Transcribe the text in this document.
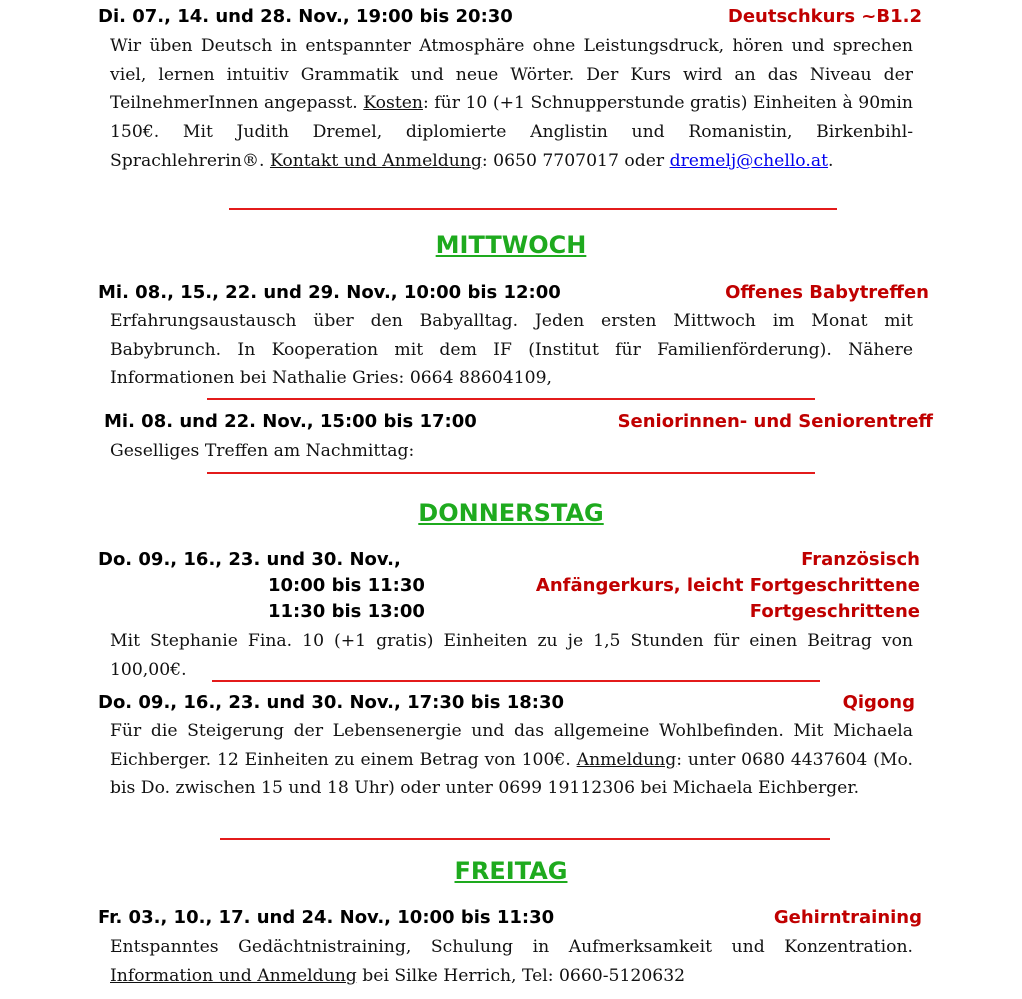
Di. 07., 14. und 28. Nov., 19:00 bis 20:30	Deutschkurs ~B1.2
Wir üben Deutsch in entspannter Atmosphäre ohne Leistungsdruck, hören und sprechen viel, lernen intuitiv Grammatik und neue Wörter. Der Kurs wird an das Niveau der TeilnehmerInnen angepasst. Kosten: für 10 (+1 Schnupperstunde gratis) Einheiten à 90min 150€. Mit Judith Dremel, diplomierte Anglistin und Romanistin, Birkenbihl-Sprachlehrerin®. Kontakt und Anmeldung: 0650 7707017 oder dremelj@chello.at.
MITTWOCH
Mi. 08., 15., 22. und 29. Nov., 10:00 bis 12:00	Offenes Babytreffen
Erfahrungsaustausch über den Babyalltag. Jeden ersten Mittwoch im Monat mit Babybrunch. In Kooperation mit dem IF (Institut für Familienförderung). Nähere Informationen bei Nathalie Gries: 0664 88604109,
Mi. 08. und 22. Nov., 15:00 bis 17:00	Seniorinnen- und Seniorentreff
Geselliges Treffen am Nachmittag:
DONNERSTAG
Do. 09., 16., 23. und 30. Nov.,	Französisch
10:00 bis 11:30	Anfängerkurs, leicht Fortgeschrittene
11:30 bis 13:00	Fortgeschrittene
Mit Stephanie Fina. 10 (+1 gratis) Einheiten zu je 1,5 Stunden für einen Beitrag von 100,00€.
Do. 09., 16., 23. und 30. Nov., 17:30 bis 18:30	Qigong
Für die Steigerung der Lebensenergie und das allgemeine Wohlbefinden. Mit Michaela Eichberger. 12 Einheiten zu einem Betrag von 100€. Anmeldung: unter 0680 4437604 (Mo. bis Do. zwischen 15 und 18 Uhr) oder unter 0699 19112306 bei Michaela Eichberger.
FREITAG
Fr. 03., 10., 17. und 24. Nov., 10:00 bis 11:30	Gehirntraining
Entspanntes Gedächtnistraining, Schulung in Aufmerksamkeit und Konzentration. Information und Anmeldung bei Silke Herrich, Tel: 0660-5120632
